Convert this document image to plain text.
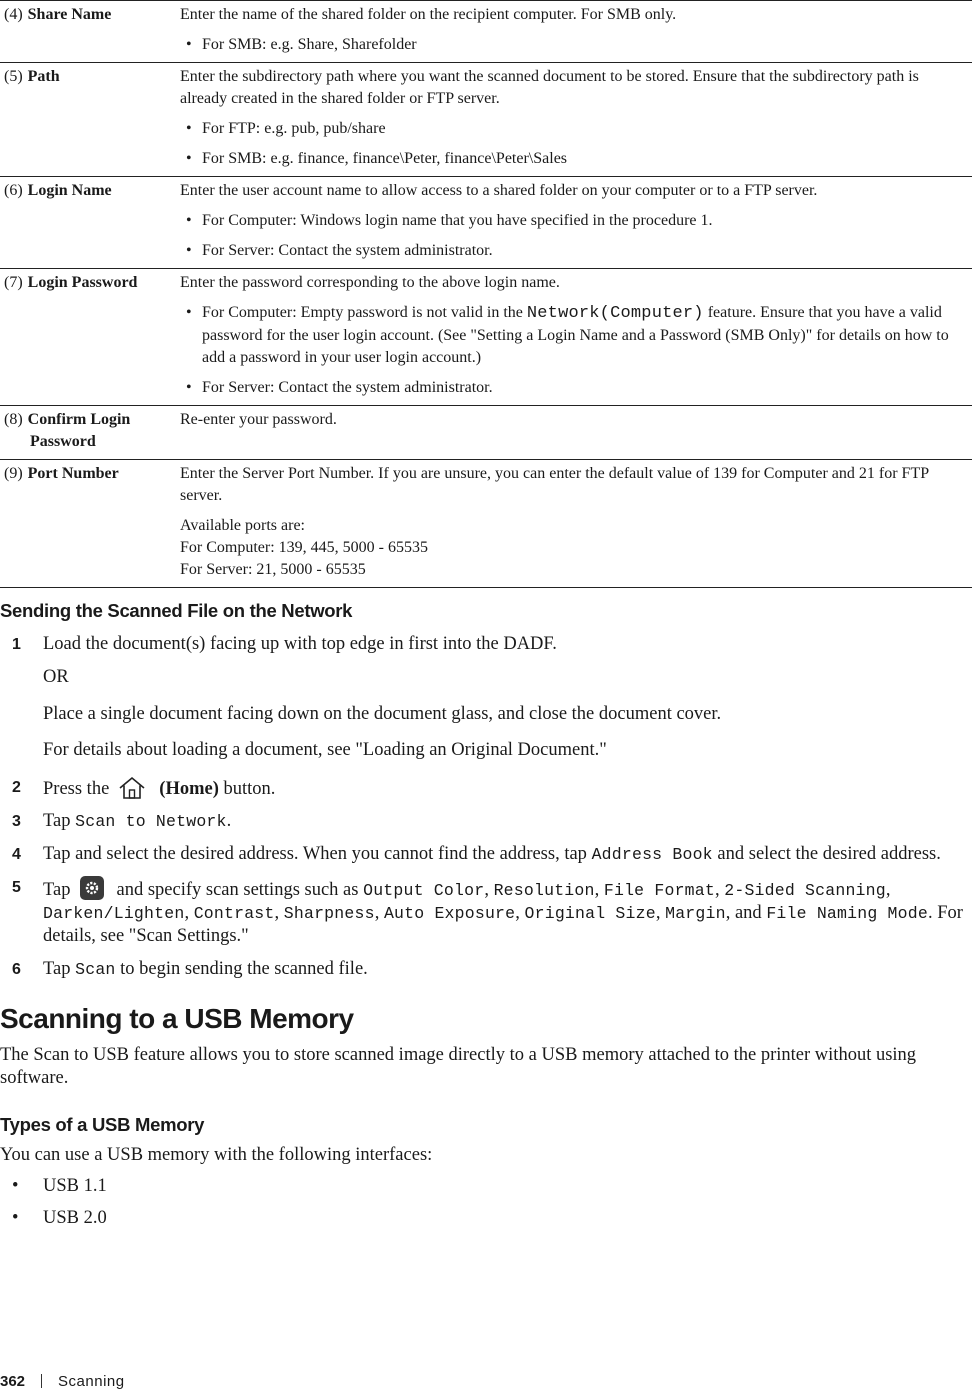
(4) Share Name	Enter the name of the shared folder on the recipient computer. For SMB only.

• For SMB: e.g. Share, Sharefolder

(5) Path	Enter the subdirectory path where you want the scanned document to be stored. Ensure that the subdirectory path is already created in the shared folder or FTP server.

• For FTP: e.g. pub, pub/share
• For SMB: e.g. finance, finance\Peter, finance\Peter\Sales

(6) Login Name	Enter the user account name to allow access to a shared folder on your computer or to a FTP server.

• For Computer: Windows login name that you have specified in the procedure 1.
• For Server: Contact the system administrator.

(7) Login Password	Enter the password corresponding to the above login name.

• For Computer: Empty password is not valid in the Network(Computer) feature. Ensure that you have a valid password for the user login account. (See "Setting a Login Name and a Password (SMB Only)" for details on how to add a password in your user login account.)
• For Server: Contact the system administrator.

(8) Confirm Login
Password	Re-enter your password.

(9) Port Number	Enter the Server Port Number. If you are unsure, you can enter the default value of 139 for Computer and 21 for FTP server.

Available ports are:
For Computer: 139, 445, 5000 - 65535
For Server: 21, 5000 - 65535

Sending the Scanned File on the Network
1 Load the document(s) facing up with top edge in first into the DADF.
OR
Place a single document facing down on the document glass, and close the document cover.
For details about loading a document, see "Loading an Original Document."
2 Press the	(Home) button.
3 Tap Scan to Network.
4 Tap and select the desired address. When you cannot find the address, tap Address Book and select the desired address.
5 Tap and specify scan settings such as Output Color, Resolution, File Format, 2-Sided Scanning, Darken/Lighten, Contrast, Sharpness, Auto Exposure, Original Size, Margin, and File Naming Mode. For details, see "Scan Settings."
6 Tap Scan to begin sending the scanned file.
Scanning to a USB Memory
The Scan to USB feature allows you to store scanned image directly to a USB memory attached to the printer without using software.
Types of a USB Memory
You can use a USB memory with the following interfaces:
• USB 1.1
• USB 2.0
362 Scanning
